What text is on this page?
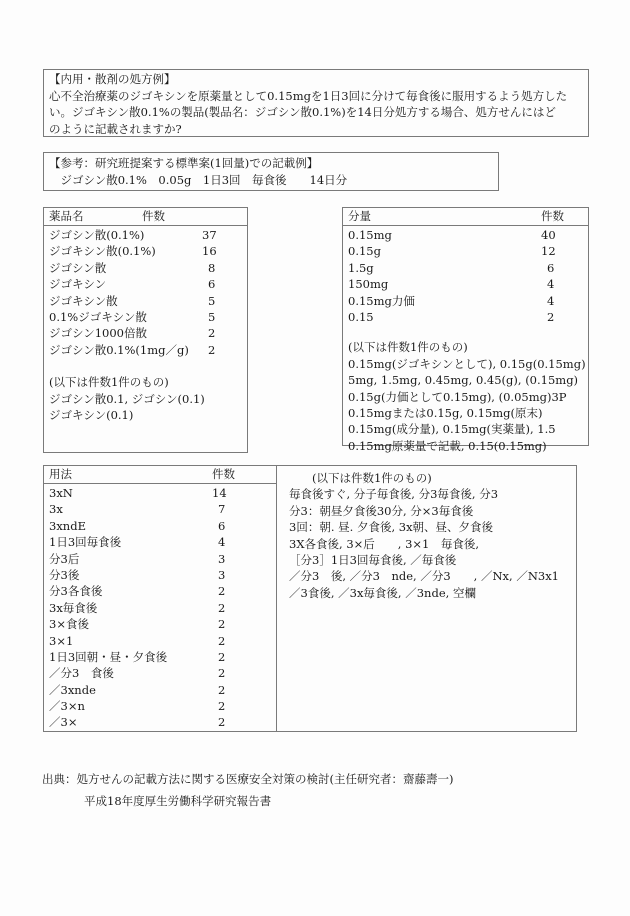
【内用・散剤の処方例】
心不全治療薬のジゴキシンを原薬量として0.15mgを1日3回に分けて毎食後に服用するよう処方した
い。ジゴキシン散0.1%の製品(製品名：ジゴシン散0.1%)を14日分処方する場合、処方せんにはど
のように記載されますか?
【参考：研究班提案する標準案(1回量)での記載例】
　ジゴシン散0.1%　0.05g　1日3回　毎食後　　14日分
薬品名	件数
ジゴシン散(0.1%)	37
ジゴキシン散(0.1%)	16
ジゴシン散	8
ジゴキシン	6
ジゴキシン散	5
0.1%ジゴキシン散	5
ジゴシン1000倍散	2
ジゴシン散0.1%(1mg／g) 2
(以下は件数1件のもの)
ジゴシン散0.1, ジゴシン(0.1)
ジゴキシン(0.1)
分量	件数
0.15mg	40
0.15g	12
1.5g	6
150mg	4
0.15mg力価	4
0.15	2
(以下は件数1件のもの)
0.15mg(ジゴキシンとして), 0.15g(0.15mg)
5mg, 1.5mg, 0.45mg, 0.45(g), (0.15mg)
0.15g(力価として0.15mg), (0.05mg)3P
0.15mgまたは0.15g, 0.15mg(原末)
0.15mg(成分量), 0.15mg(実薬量), 1.5
0.15mg原薬量で記載, 0.15(0.15mg)
用法	件数
3xN	14
3x	7
3xndE	6
1日3回毎食後	4
分3后	3
分3後	3
分3各食後	2
3x毎食後	2
3×食後	2
3×1	2
1日3回朝・昼・夕食後	2
／分3　食後	2
／3xnde	2
／3×n	2
／3×	2
　　(以下は件数1件のもの)
毎食後すぐ, 分子毎食後, 分3毎食後, 分3
分3：朝昼夕食後30分, 分×3毎食後
3回：朝. 昼. 夕食後, 3x朝、昼、夕食後
3X各食後, 3×后　　, 3×1　毎食後,
［分3］1日3回毎食後, ／毎食後
／分3　後, ／分3　nde, ／分3　　, ／Nx, ／N3x1
／3食後, ／3x毎食後, ／3nde, 空欄
出典：処方せんの記載方法に関する医療安全対策の検討(主任研究者：齋藤壽一)
平成18年度厚生労働科学研究報告書
